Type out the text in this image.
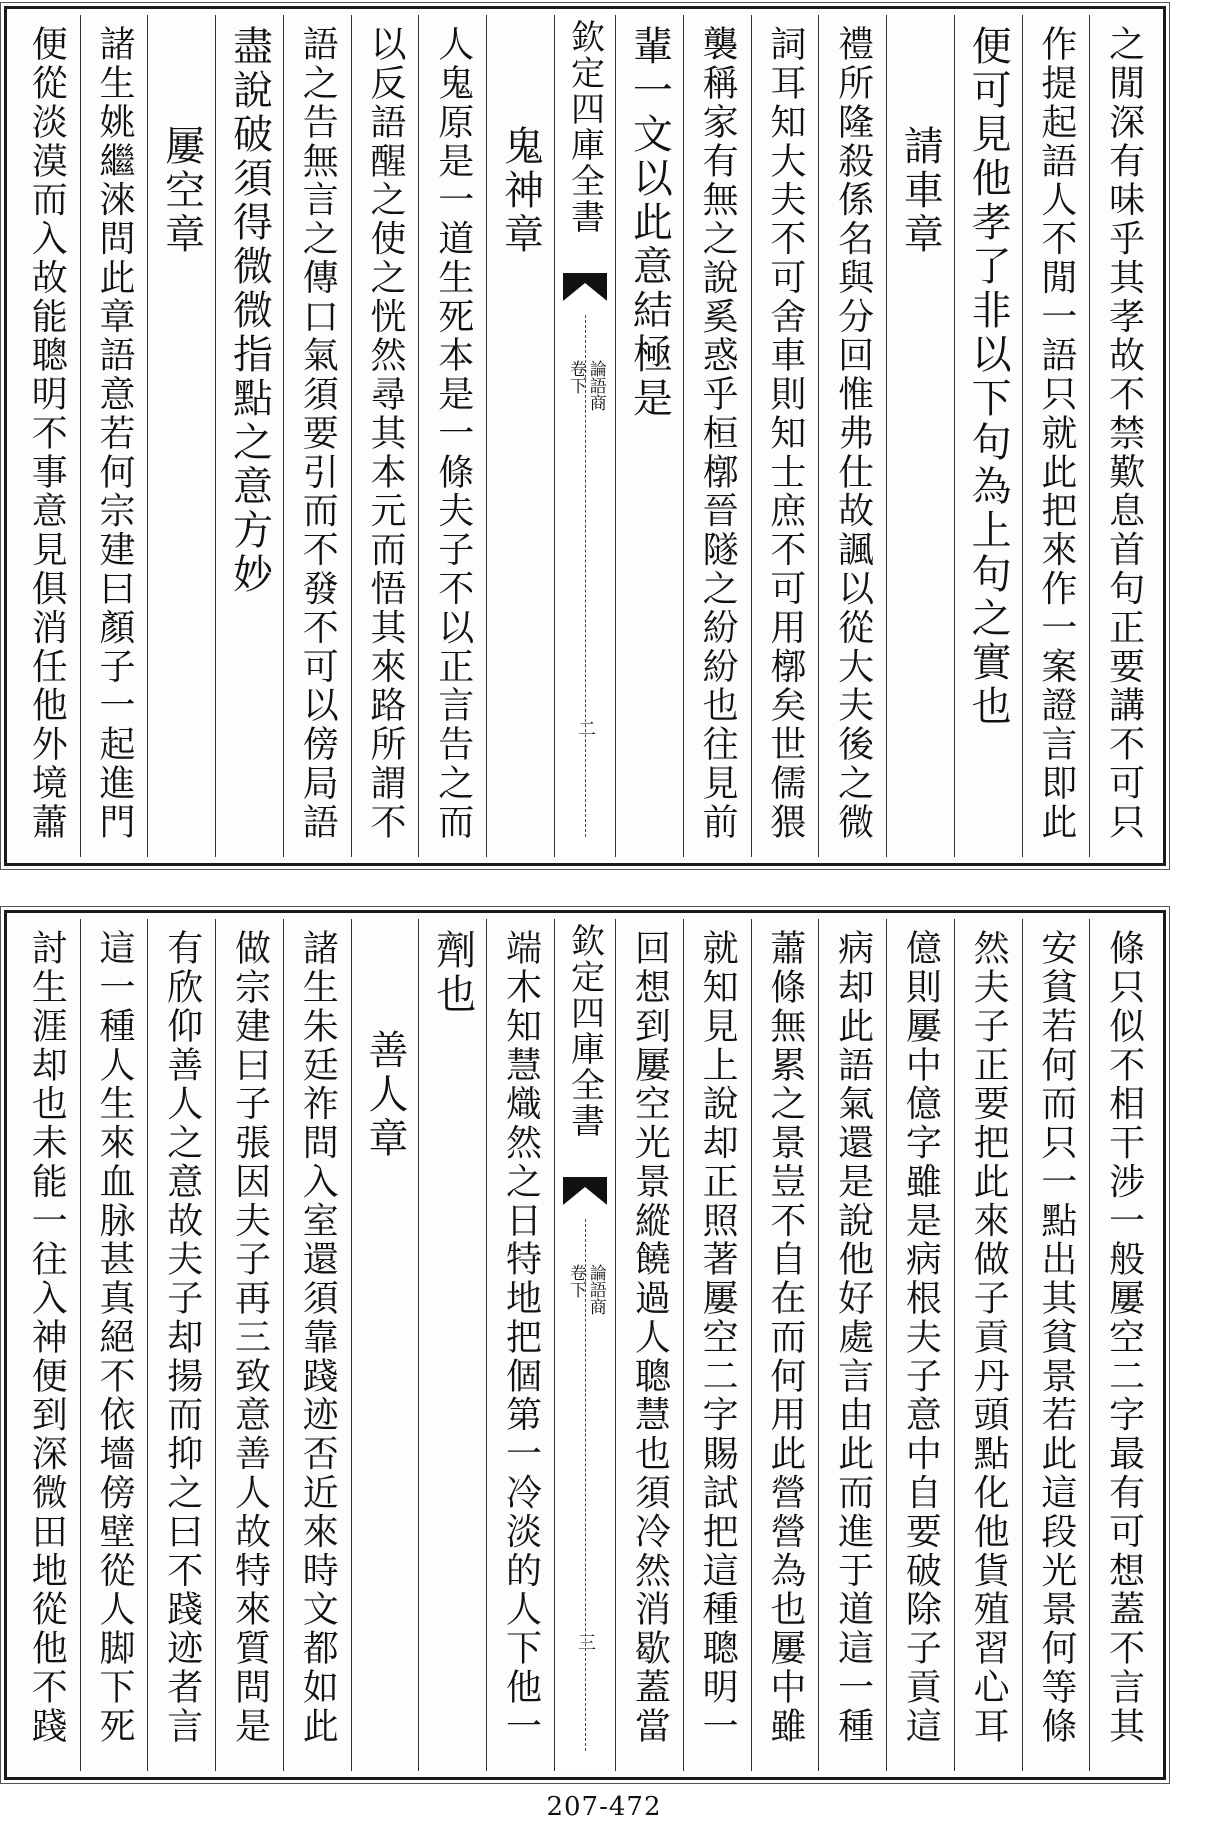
之閒深有味乎其孝故不禁歎息首句正要講不可只
作提起語人不閒一語只就此把來作一案證言即此
便可見他孝了非以下句為上句之實也
請車章
禮所隆殺係名與分回惟弗仕故諷以從大夫後之微
詞耳知大夫不可舍車則知士庶不可用槨矣世儒猥
襲稱家有無之說奚惑乎桓槨晉隧之紛紛也往見前
輩一文以此意結極是
欽定四庫全書
論語商
卷下
二
鬼神章
人鬼原是一道生死本是一條夫子不以正言告之而
以反語醒之使之恍然尋其本元而悟其來路所謂不
語之告無言之傳口氣須要引而不發不可以傍局語
盡說破須得微微指點之意方妙
屢空章
諸生姚繼淶問此章語意若何宗建曰顏子一起進門
便從淡漠而入故能聰明不事意見俱消任他外境蕭
條只似不相干涉一般屢空二字最有可想蓋不言其
安貧若何而只一點出其貧景若此這段光景何等條
然夫子正要把此來做子貢丹頭點化他貨殖習心耳
億則屢中億字雖是病根夫子意中自要破除子貢這
病却此語氣還是說他好處言由此而進于道這一種
蕭條無累之景豈不自在而何用此營營為也屢中雖
就知見上說却正照著屢空二字賜試把這種聰明一
回想到屢空光景縱饒過人聰慧也須冷然消歇蓋當
欽定四庫全書
論語商
卷下
三
端木知慧熾然之日特地把個第一冷淡的人下他一
劑也
善人章
諸生朱廷祚問入室還須靠踐迹否近來時文都如此
做宗建曰子張因夫子再三致意善人故特來質問是
有欣仰善人之意故夫子却揚而抑之曰不踐迹者言
這一種人生來血脉甚真絕不依墻傍壁從人脚下死
討生涯却也未能一往入神便到深微田地從他不踐
207-472
